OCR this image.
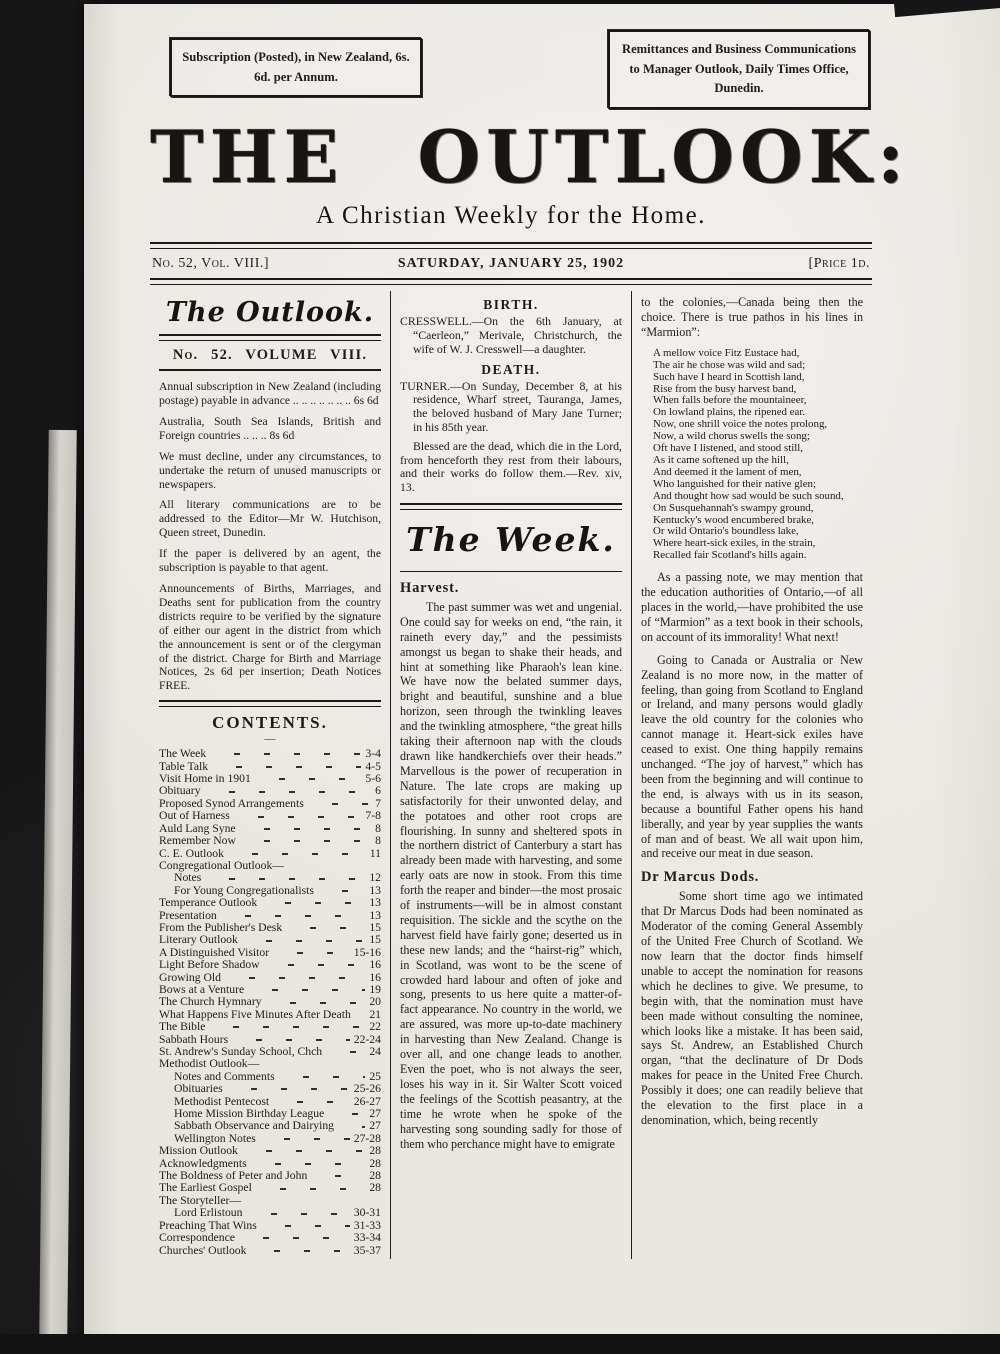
Subscription (Posted), in New Zealand, 6s. 6d. per Annum.
Remittances and Business Communications to Manager Outlook, Daily Times Office, Dunedin.
THE OUTLOOK:
A Christian Weekly for the Home.
No. 52, Vol. VIII.]	SATURDAY, JANUARY 25, 1902	[Price 1d.
The Outlook.
No. 52. VOLUME VIII.

Annual subscription in New Zealand (including postage) payable in advance .. .. .. .. .. .. .. 6s 6d

Australia, South Sea Islands, British and Foreign countries .. .. .. 8s 6d

We must decline, under any circumstances, to undertake the return of unused manuscripts or newspapers.

All literary communications are to be addressed to the Editor—Mr W. Hutchison, Queen street, Dunedin.

If the paper is delivered by an agent, the subscription is payable to that agent.

Announcements of Births, Marriages, and Deaths sent for publication from the country districts require to be verified by the signature of either our agent in the district from which the announcement is sent or of the clergyman of the district. Charge for Birth and Marriage Notices, 2s 6d per insertion; Death Notices FREE.

CONTENTS.
—
The Week	3-4
Table Talk	4-5
Visit Home in 1901	5-6
Obituary	6
Proposed Synod Arrangements	7
Out of Harness	7-8
Auld Lang Syne	8
Remember Now	8
C. E. Outlook	11
Congregational Outlook—
Notes	12
For Young Congregationalists	13
Temperance Outlook	13
Presentation	13
From the Publisher's Desk	15
Literary Outlook	15
A Distinguished Visitor	15-16
Light Before Shadow	16
Growing Old	16
Bows at a Venture	19
The Church Hymnary	20
What Happens Five Minutes After Death 21
The Bible	22
Sabbath Hours	22-24
St. Andrew's Sunday School, Chch	24
Methodist Outlook—
Notes and Comments	25
Obituaries	25-26
Methodist Pentecost	26-27
Home Mission Birthday League	27
Sabbath Observance and Dairying	27
Wellington Notes	27-28
Mission Outlook	28
Acknowledgments	28
The Boldness of Peter and John	28
The Earliest Gospel	28
The Storyteller—
Lord Erlistoun	30-31
Preaching That Wins	31-33
Correspondence	33-34
Churches' Outlook	35-37
BIRTH.

CRESSWELL.—On the 6th January, at “Caerleon,” Merivale, Christchurch, the wife of W. J. Cresswell—a daughter.

DEATH.

TURNER.—On Sunday, December 8, at his residence, Wharf street, Tauranga, James, the beloved husband of Mary Jane Turner; in his 85th year.

Blessed are the dead, which die in the Lord, from henceforth they rest from their labours, and their works do follow them.—Rev. xiv, 13.

The Week.
Harvest.

The past summer was wet and ungenial. One could say for weeks on end, “the rain, it raineth every day,” and the pessimists amongst us began to shake their heads, and hint at something like Pharaoh's lean kine. We have now the belated summer days, bright and beautiful, sunshine and a blue horizon, seen through the twinkling leaves and the twinkling atmosphere, “the great hills taking their afternoon nap with the clouds drawn like handkerchiefs over their heads.” Marvellous is the power of recuperation in Nature. The late crops are making up satisfactorily for their unwonted delay, and the potatoes and other root crops are flourishing. In sunny and sheltered spots in the northern district of Canterbury a start has already been made with harvesting, and some early oats are now in stook. From this time forth the reaper and binder—the most prosaic of instruments—will be in almost constant requisition. The sickle and the scythe on the harvest field have fairly gone; deserted us in these new lands; and the “hairst-rig” which, in Scotland, was wont to be the scene of crowded hard labour and often of joke and song, presents to us here quite a matter-of-fact appearance. No country in the world, we are assured, was more up-to-date machinery in harvesting than New Zealand. Change is over all, and one change leads to another. Even the poet, who is not always the seer, loses his way in it. Sir Walter Scott voiced the feelings of the Scottish peasantry, at the time he wrote when he spoke of the harvesting song sounding sadly for those of them who perchance might have to emigrate

to the colonies,—Canada being then the choice. There is true pathos in his lines in “Marmion”:

A mellow voice Fitz Eustace had,
The air he chose was wild and sad;
Such have I heard in Scottish land,
Rise from the busy harvest band,
When falls before the mountaineer,
On lowland plains, the ripened ear.
Now, one shrill voice the notes prolong,
Now, a wild chorus swells the song;
Oft have I listened, and stood still,
As it came softened up the hill,
And deemed it the lament of men,
Who languished for their native glen;
And thought how sad would be such sound,
On Susquehannah's swampy ground,
Kentucky's wood encumbered brake,
Or wild Ontario's boundless lake,
Where heart-sick exiles, in the strain,
Recalled fair Scotland's hills again.

As a passing note, we may mention that the education authorities of Ontario,—of all places in the world,—have prohibited the use of “Marmion” as a text book in their schools, on account of its immorality! What next!

Going to Canada or Australia or New Zealand is no more now, in the matter of feeling, than going from Scotland to England or Ireland, and many persons would gladly leave the old country for the colonies who cannot manage it. Heart-sick exiles have ceased to exist. One thing happily remains unchanged. “The joy of harvest,” which has been from the beginning and will continue to the end, is always with us in its season, because a bountiful Father opens his hand liberally, and year by year supplies the wants of man and of beast. We all wait upon him, and receive our meat in due season.

Dr Marcus Dods.

Some short time ago we intimated that Dr Marcus Dods had been nominated as Moderator of the coming General Assembly of the United Free Church of Scotland. We now learn that the doctor finds himself unable to accept the nomination for reasons which he declines to give. We presume, to begin with, that the nomination must have been made without consulting the nominee, which looks like a mistake. It has been said, says St. Andrew, an Established Church organ, “that the declinature of Dr Dods makes for peace in the United Free Church. Possibly it does; one can readily believe that the elevation to the first place in a denomination, which, being recently
